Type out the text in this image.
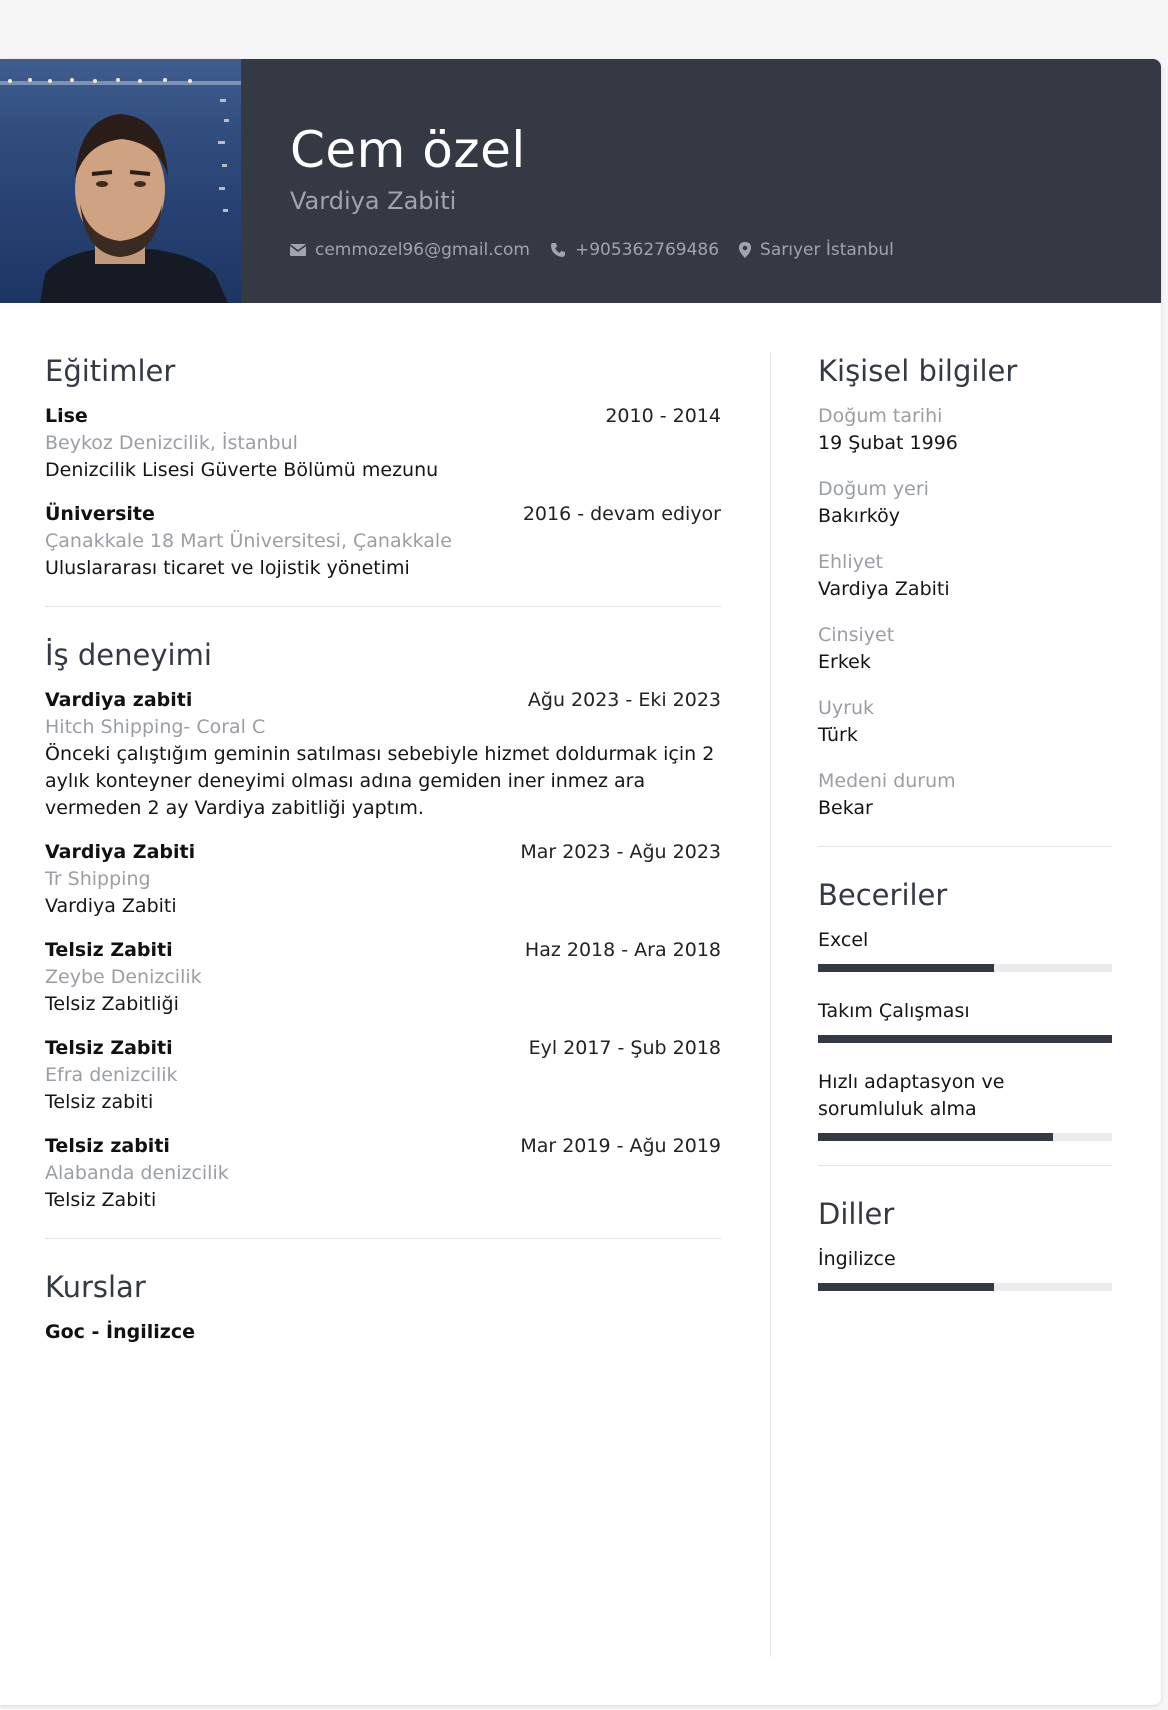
Cem özel
Vardiya Zabiti
cemmozel96@gmail.com	+905362769486 Sarıyer İstanbul
Eğitimler
Lise	2010 - 2014
Beykoz Denizcilik, İstanbul
Denizcilik Lisesi Güverte Bölümü mezunu
Üniversite	2016 - devam ediyor
Çanakkale 18 Mart Üniversitesi, Çanakkale
Uluslararası ticaret ve lojistik yönetimi
İş deneyimi
Vardiya zabiti	Ağu 2023 - Eki 2023
Hitch Shipping- Coral C
Önceki çalıştığım geminin satılması sebebiyle hizmet doldurmak için 2 aylık konteyner deneyimi olması adına gemiden iner inmez ara vermeden 2 ay Vardiya zabitliği yaptım.
Vardiya Zabiti	Mar 2023 - Ağu 2023
Tr Shipping
Vardiya Zabiti
Telsiz Zabiti	Haz 2018 - Ara 2018
Zeybe Denizcilik
Telsiz Zabitliği
Telsiz Zabiti	Eyl 2017 - Şub 2018
Efra denizcilik
Telsiz zabiti
Telsiz zabiti	Mar 2019 - Ağu 2019
Alabanda denizcilik
Telsiz Zabiti
Kurslar
Goc - İngilizce
Kişisel bilgiler
Doğum tarihi
19 Şubat 1996
Doğum yeri
Bakırköy
Ehliyet
Vardiya Zabiti
Cinsiyet
Erkek
Uyruk
Türk
Medeni durum
Bekar
Beceriler
Excel
Takım Çalışması
Hızlı adaptasyon ve sorumluluk alma
Diller
İngilizce
